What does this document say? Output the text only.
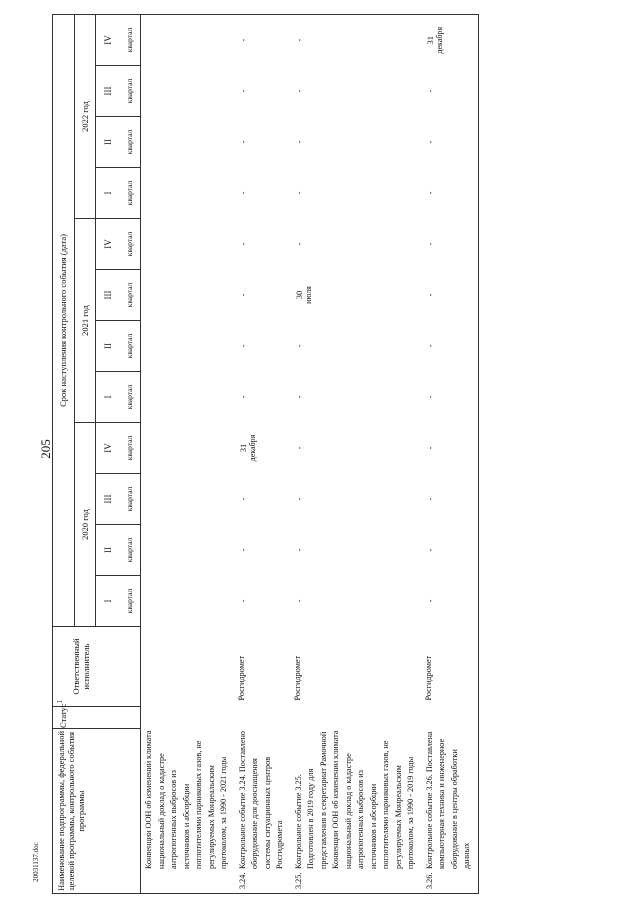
205
20031137.doc Наименование подпрограммы, федеральной целевой программы, контрольного события программы	Статус$^1$	Ответственный исполнитель	Срок наступления контрольного события (дата)											
			2020 год				2021 год				2022 год			
			I	II	III	IV	I	II	III	IV	I	II	III	IV
			квартал	квартал	квартал	квартал	квартал	квартал	квартал	квартал	квартал	квартал	квартал	квартал

Конвенции ООН об изменении климата национальный доклад о кадастре антропогенных выбросов из источников и абсорбции поглотителями парниковых газов, не регулируемых Монреальским протоколом, за 1990 - 2021 годы														

3.24.
Контрольное событие 3.24. Поставлено оборудование для дооснащения системы ситуационных центров Росгидромета		Росгидромет	-	-	-	31 декабря	-	-	-	-	-	-	-	-

3.25.
Контрольное событие 3.25. Подготовлен в 2019 году для представления в секретариат Рамочной Конвенции ООН об изменении климата национальный доклад о кадастре антропогенных выбросов из источников и абсорбции поглотителями парниковых газов, не регулируемых Монреальским протоколом, за 1990 - 2019 годы		Росгидромет	-	-	-	-	-	-	30 июля	-	-	-	-	-

3.26.
Контрольное событие 3.26. Поставлена компьютерная техника и инженерное оборудование в центры обработки данных		Росгидромет	-	-	-	-	-	-	-	-	-	-	-	31 декабря
